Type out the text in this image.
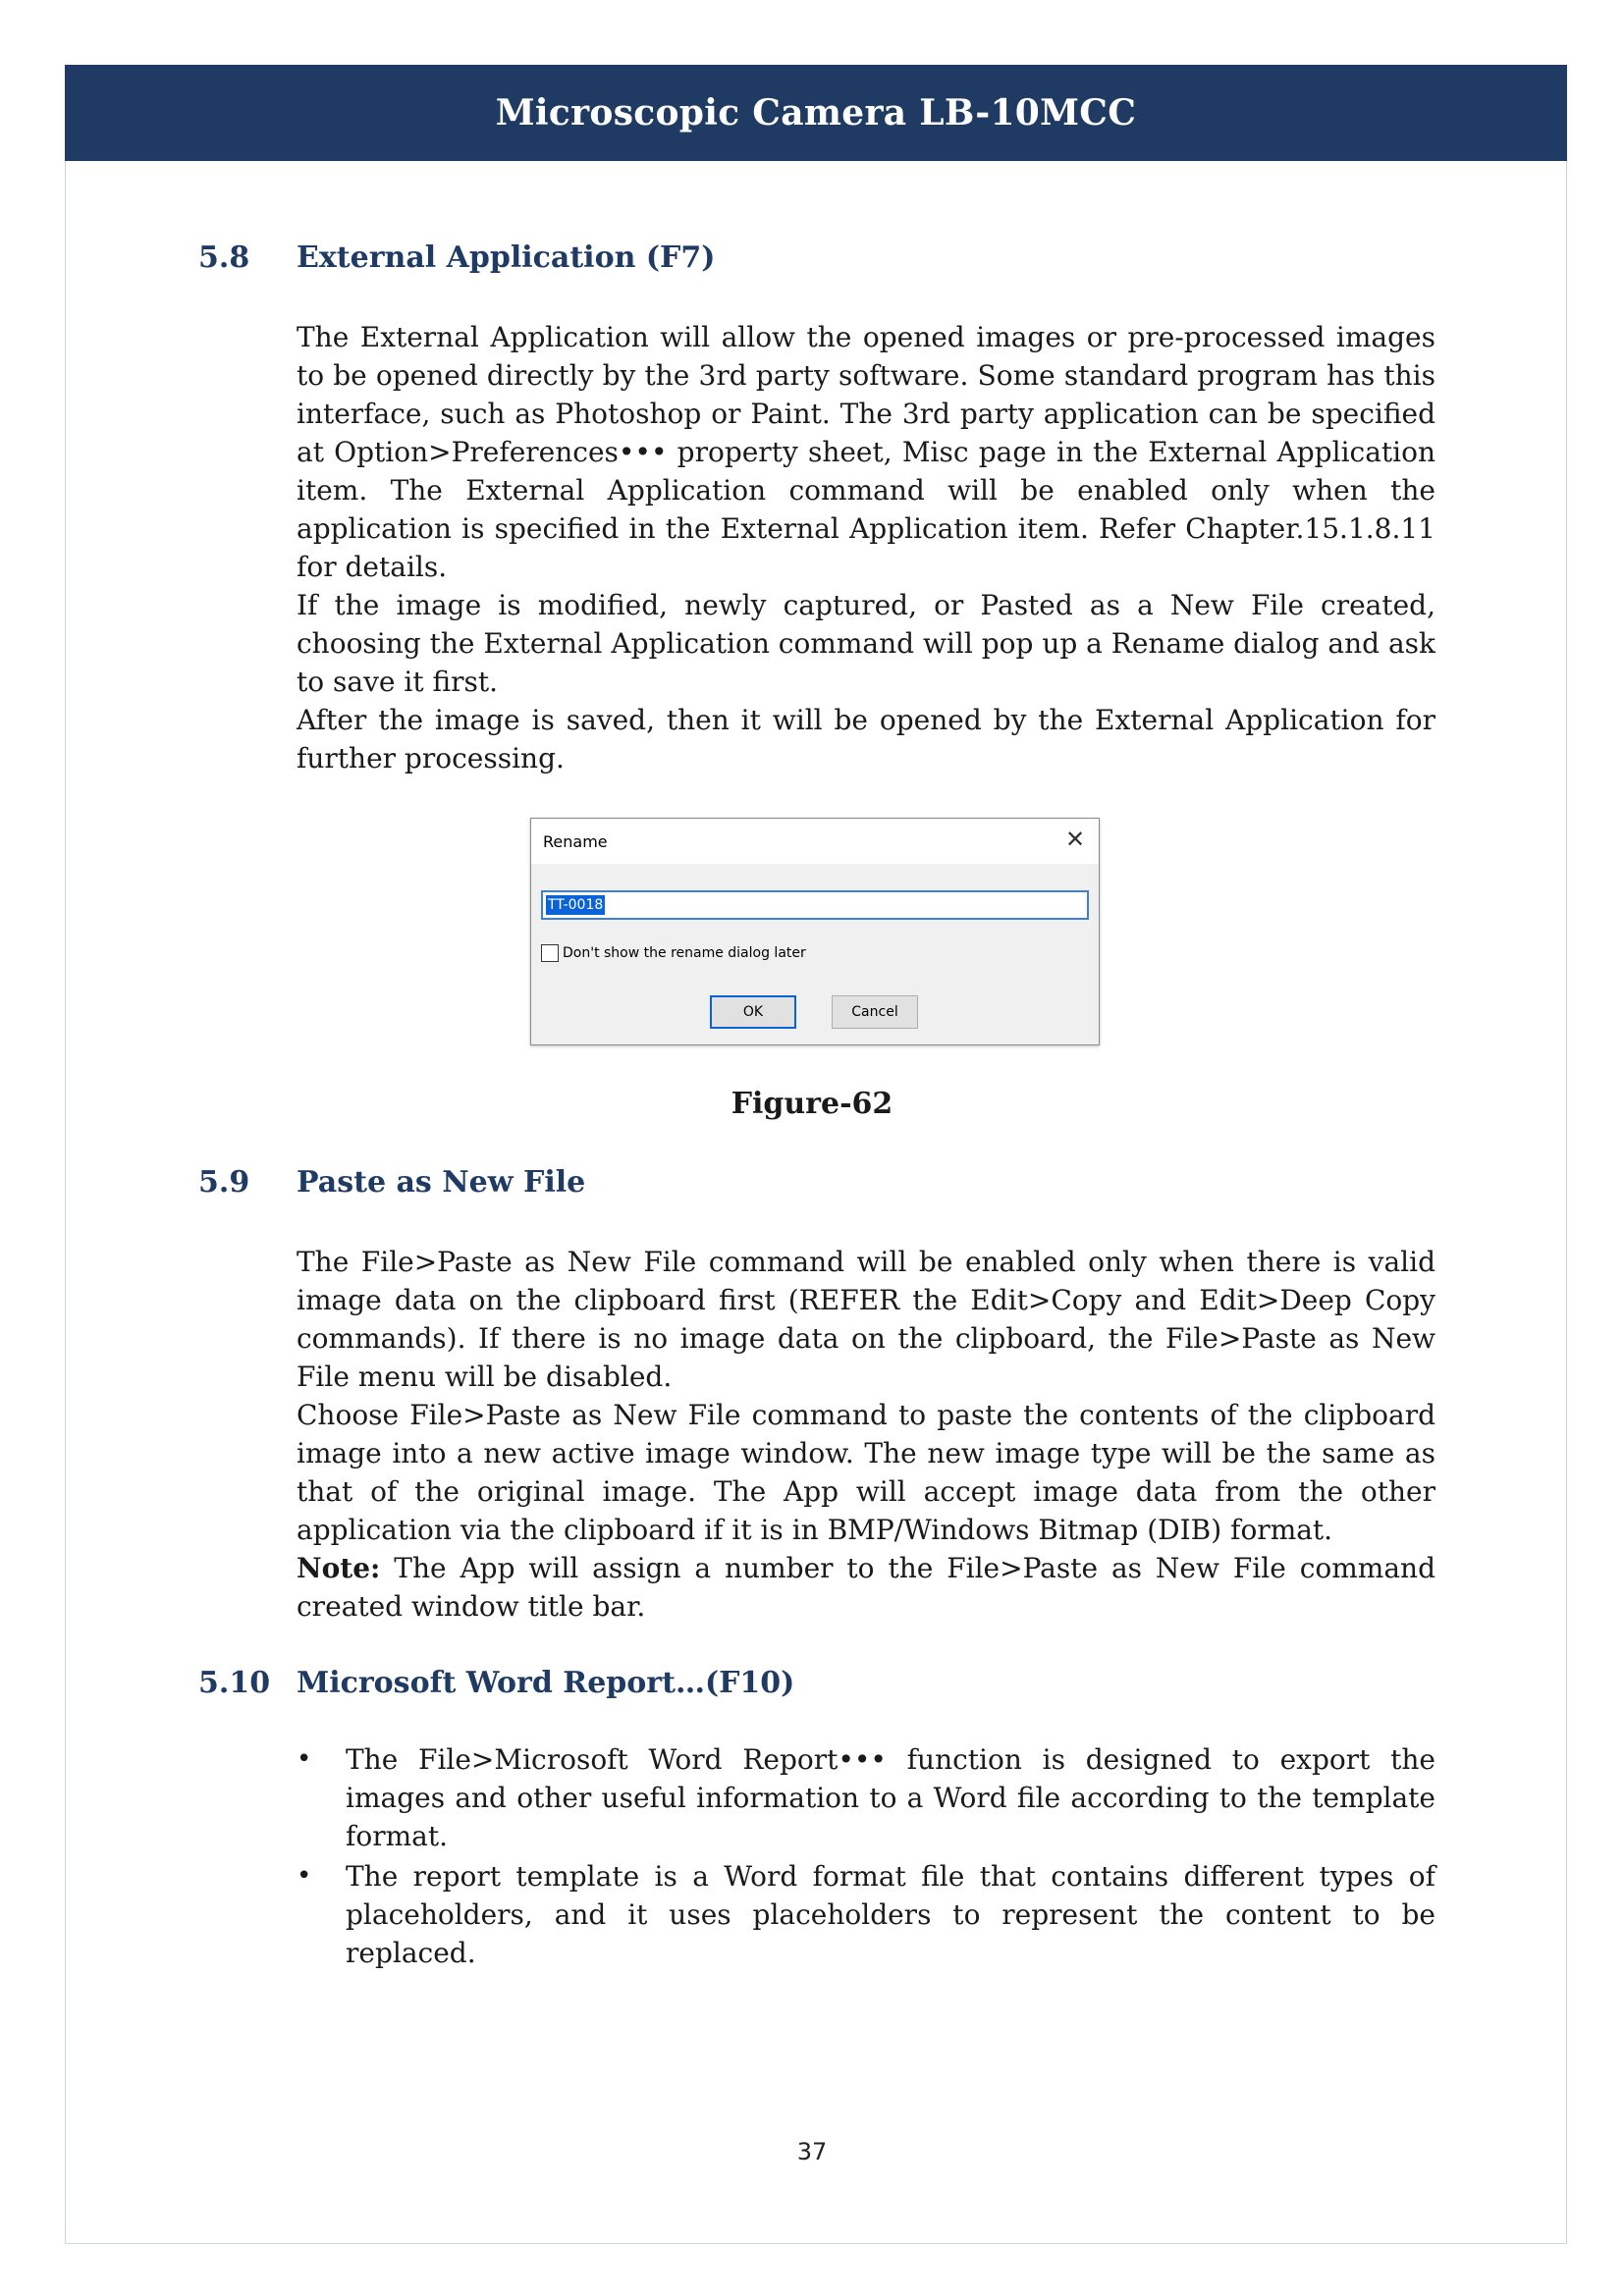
Microscopic Camera LB-10MCC
5.8	External Application (F7)

The External Application will allow the opened images or pre-processed images to be opened directly by the 3rd party software. Some standard program has this interface, such as Photoshop or Paint. The 3rd party application can be specified at Option>Preferences••• property sheet, Misc page in the External Application item. The External Application command will be enabled only when the application is specified in the External Application item. Refer Chapter.15.1.8.11 for details.

If the image is modified, newly captured, or Pasted as a New File created, choosing the External Application command will pop up a Rename dialog and ask to save it first.

After the image is saved, then it will be opened by the External Application for further processing.

Rename	✕
TT-0018
Don't show the rename dialog later
OK	Cancel
Figure-62
5.9	Paste as New File

The File>Paste as New File command will be enabled only when there is valid image data on the clipboard first (REFER the Edit>Copy and Edit>Deep Copy commands). If there is no image data on the clipboard, the File>Paste as New File menu will be disabled.

Choose File>Paste as New File command to paste the contents of the clipboard image into a new active image window. The new image type will be the same as that of the original image. The App will accept image data from the other application via the clipboard if it is in BMP/Windows Bitmap (DIB) format.

Note: The App will assign a number to the File>Paste as New File command created window title bar.

5.10 Microsoft Word Report…(F10)
• The File>Microsoft Word Report••• function is designed to export the images and other useful information to a Word file according to the template format.
• The report template is a Word format file that contains different types of placeholders, and it uses placeholders to represent the content to be replaced.
37
